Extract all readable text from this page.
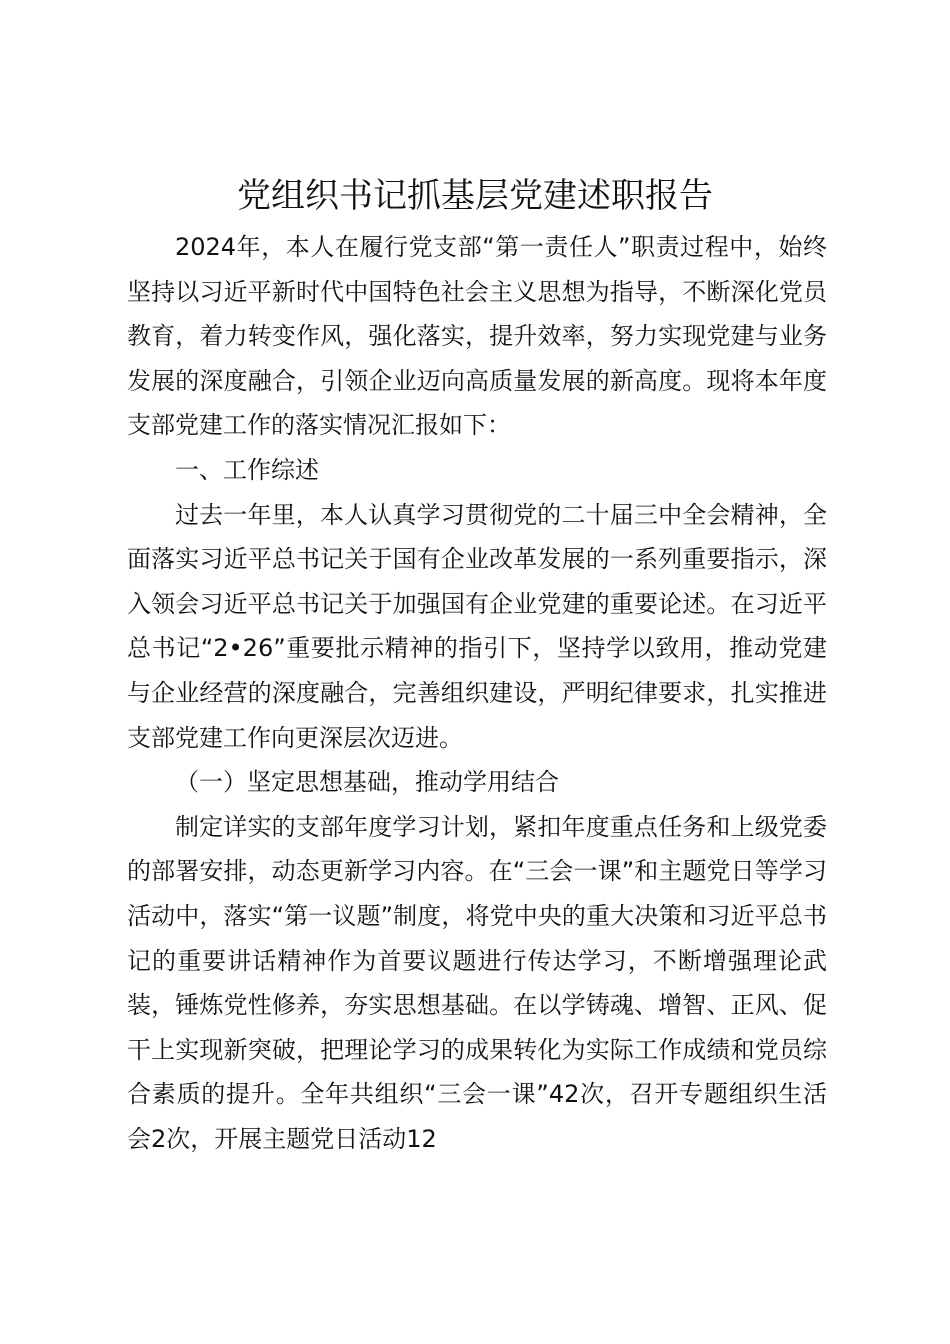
党组织书记抓基层党建述职报告

2024年，本人在履行党支部“第一责任人”职责过程中，始终坚持以习近平新时代中国特色社会主义思想为指导，不断深化党员教育，着力转变作风，强化落实，提升效率，努力实现党建与业务发展的深度融合，引领企业迈向高质量发展的新高度。现将本年度支部党建工作的落实情况汇报如下：

一、工作综述

过去一年里，本人认真学习贯彻党的二十届三中全会精神，全面落实习近平总书记关于国有企业改革发展的一系列重要指示，深入领会习近平总书记关于加强国有企业党建的重要论述。在习近平总书记“2•26”重要批示精神的指引下，坚持学以致用，推动党建与企业经营的深度融合，完善组织建设，严明纪律要求，扎实推进支部党建工作向更深层次迈进。

（一）坚定思想基础，推动学用结合

制定详实的支部年度学习计划，紧扣年度重点任务和上级党委的部署安排，动态更新学习内容。在“三会一课”和主题党日等学习活动中，落实“第一议题”制度，将党中央的重大决策和习近平总书记的重要讲话精神作为首要议题进行传达学习，不断增强理论武装，锤炼党性修养，夯实思想基础。在以学铸魂、增智、正风、促干上实现新突破，把理论学习的成果转化为实际工作成绩和党员综合素质的提升。全年共组织“三会一课”42次，召开专题组织生活会2次，开展主题党日活动12
